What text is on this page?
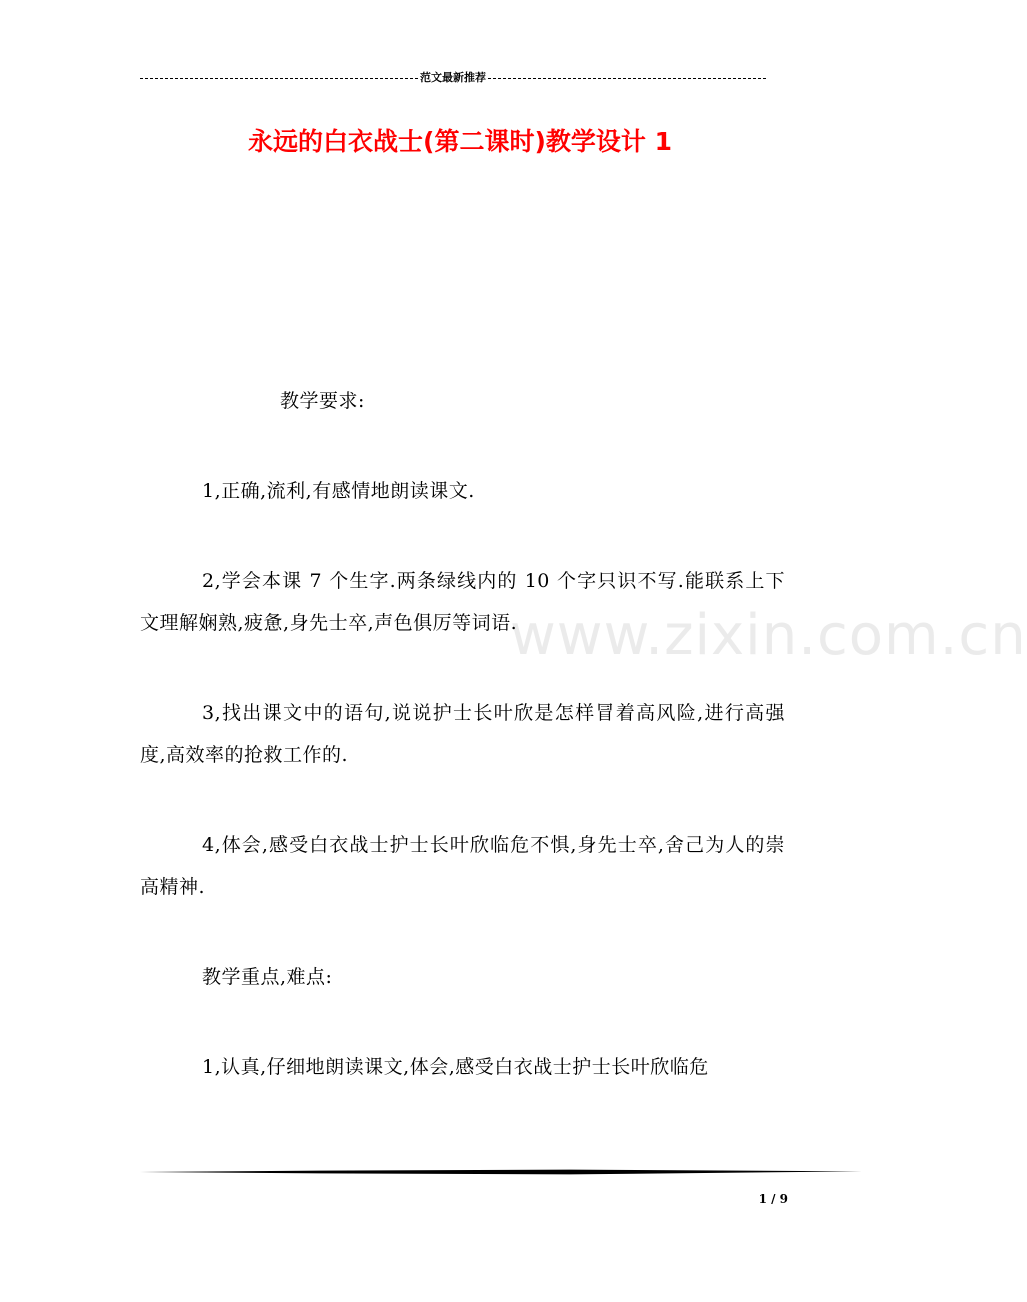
范文最新推荐
永远的白衣战士(第二课时)教学设计 1
www.zixin.com.cn

教学要求:

1,正确,流利,有感情地朗读课文.

2,学会本课 7 个生字.两条绿线内的 10 个字只识不写.能联系上下文理解娴熟,疲惫,身先士卒,声色俱厉等词语.

3,找出课文中的语句,说说护士长叶欣是怎样冒着高风险,进行高强度,高效率的抢救工作的.

4,体会,感受白衣战士护士长叶欣临危不惧,身先士卒,舍己为人的崇高精神.

教学重点,难点:

1,认真,仔细地朗读课文,体会,感受白衣战士护士长叶欣临危

1 / 9
